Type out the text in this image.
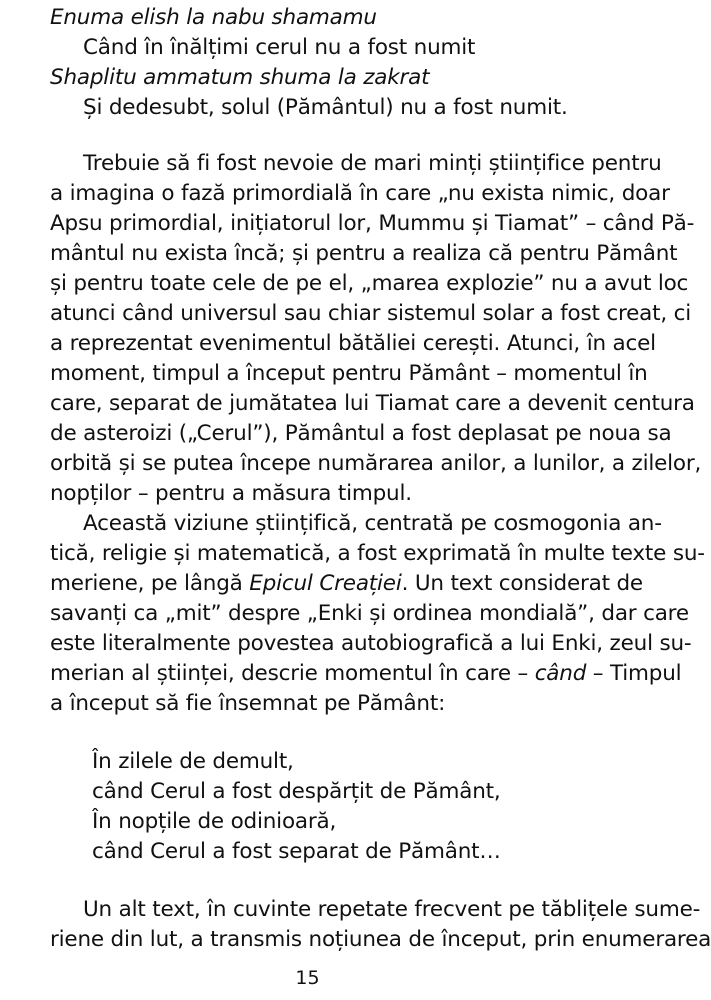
Enuma elish la nabu shamamu
Când în înălțimi cerul nu a fost numit
Shaplitu ammatum shuma la zakrat
Și dedesubt, solul (Pământul) nu a fost numit.
Trebuie să fi fost nevoie de mari minți științifice pentru
a imagina o fază primordială în care „nu exista nimic, doar
Apsu primordial, inițiatorul lor, Mummu și Tiamat” – când Pă-
mântul nu exista încă; și pentru a realiza că pentru Pământ
și pentru toate cele de pe el, „marea explozie” nu a avut loc
atunci când universul sau chiar sistemul solar a fost creat, ci
a reprezentat evenimentul bătăliei cerești. Atunci, în acel
moment, timpul a început pentru Pământ – momentul în
care, separat de jumătatea lui Tiamat care a devenit centura
de asteroizi („Cerul”), Pământul a fost deplasat pe noua sa
orbită și se putea începe numărarea anilor, a lunilor, a zilelor,
nopților – pentru a măsura timpul.
Această viziune științifică, centrată pe cosmogonia an-
tică, religie și matematică, a fost exprimată în multe texte su-
meriene, pe lângă Epicul Creației. Un text considerat de
savanți ca „mit” despre „Enki și ordinea mondială”, dar care
este literalmente povestea autobiografică a lui Enki, zeul su-
merian al științei, descrie momentul în care – când – Timpul
a început să fie însemnat pe Pământ:
În zilele de demult,
când Cerul a fost despărțit de Pământ,
În nopțile de odinioară,
când Cerul a fost separat de Pământ…
Un alt text, în cuvinte repetate frecvent pe tăblițele sume-
riene din lut, a transmis noțiunea de început, prin enumerarea
15
